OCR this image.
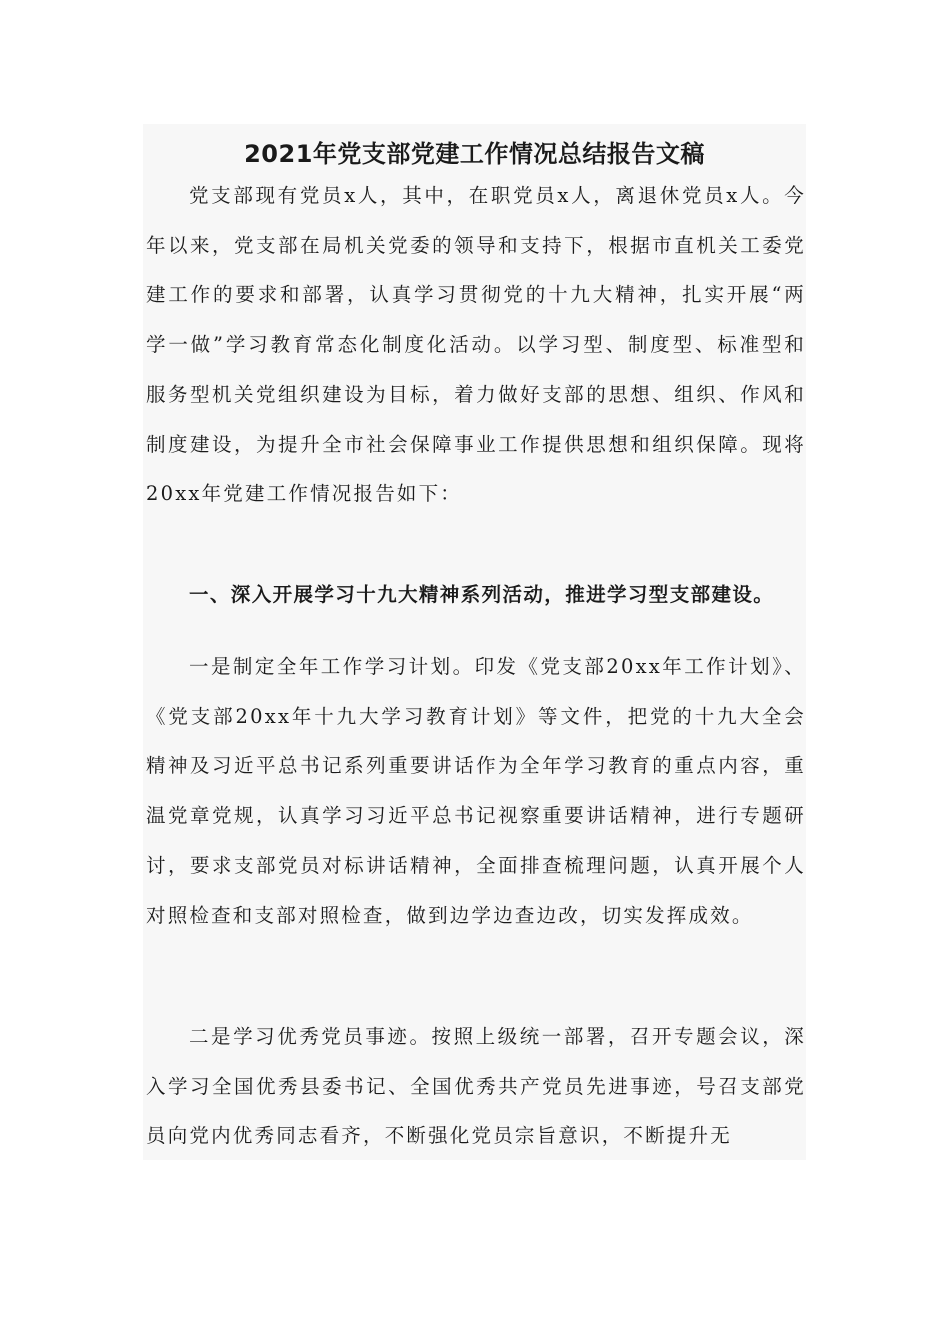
2021年党支部党建工作情况总结报告文稿

党支部现有党员x人，其中，在职党员x人，离退休党员x人。今年以来，党支部在局机关党委的领导和支持下，根据市直机关工委党建工作的要求和部署，认真学习贯彻党的十九大精神，扎实开展“两学一做”学习教育常态化制度化活动。以学习型、制度型、标准型和服务型机关党组织建设为目标，着力做好支部的思想、组织、作风和制度建设，为提升全市社会保障事业工作提供思想和组织保障。现将20xx年党建工作情况报告如下：

一、深入开展学习十九大精神系列活动，推进学习型支部建设。

一是制定全年工作学习计划。印发《党支部20xx年工作计划》、《党支部20xx年十九大学习教育计划》等文件，把党的十九大全会精神及习近平总书记系列重要讲话作为全年学习教育的重点内容，重温党章党规，认真学习习近平总书记视察重要讲话精神，进行专题研讨，要求支部党员对标讲话精神，全面排查梳理问题，认真开展个人对照检查和支部对照检查，做到边学边查边改，切实发挥成效。

二是学习优秀党员事迹。按照上级统一部署，召开专题会议，深入学习全国优秀县委书记、全国优秀共产党员先进事迹，号召支部党员向党内优秀同志看齐，不断强化党员宗旨意识，不断提升无
